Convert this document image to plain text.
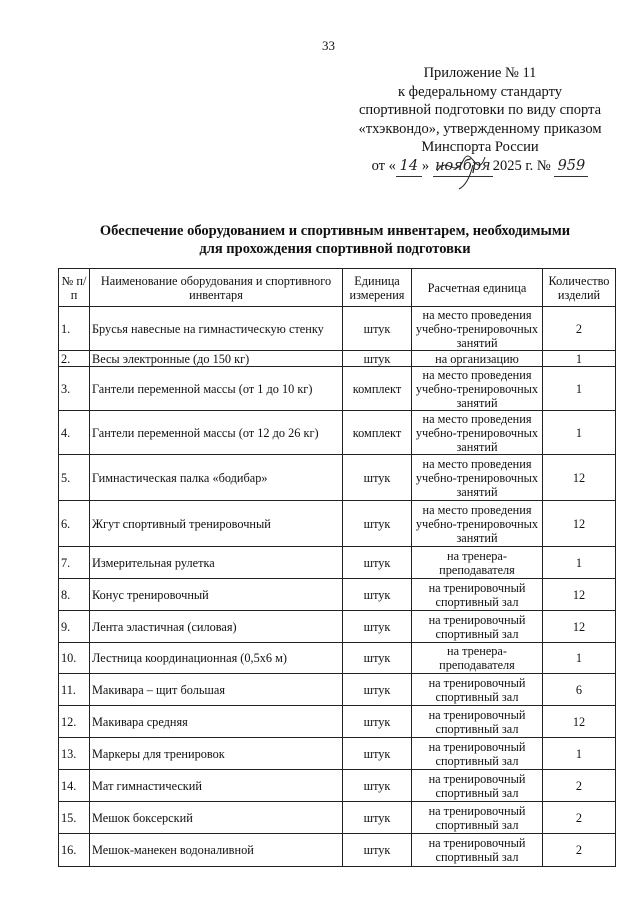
33
Приложение № 11
к федеральному стандарту
спортивной подготовки по виду спорта
«тхэквондо», утвержденному приказом
Минспорта России
от « 14 » ноября 2025 г. № 959
Обеспечение оборудованием и спортивным инвентарем, необходимыми
для прохождения спортивной подготовки
№ п/п	Наименование оборудования и спортивного инвентаря	Единица измерения	Расчетная единица	Количество изделий
1.	Брусья навесные на гимнастическую стенку	штук	на место проведения учебно-тренировочных занятий	2
2.	Весы электронные (до 150 кг)	штук	на организацию	1
3.	Гантели переменной массы (от 1 до 10 кг)	комплект	на место проведения учебно-тренировочных занятий	1
4.	Гантели переменной массы (от 12 до 26 кг)	комплект	на место проведения учебно-тренировочных занятий	1
5.	Гимнастическая палка «бодибар»	штук	на место проведения учебно-тренировочных занятий	12
6.	Жгут спортивный тренировочный	штук	на место проведения учебно-тренировочных занятий	12
7.	Измерительная рулетка	штук	на тренера-преподавателя	1
8.	Конус тренировочный	штук	на тренировочный спортивный зал	12
9.	Лента эластичная (силовая)	штук	на тренировочный спортивный зал	12
10.	Лестница координационная (0,5х6 м)	штук	на тренера-преподавателя	1
11.	Макивара – щит большая	штук	на тренировочный спортивный зал	6
12.	Макивара средняя	штук	на тренировочный спортивный зал	12
13.	Маркеры для тренировок	штук	на тренировочный спортивный зал	1
14.	Мат гимнастический	штук	на тренировочный спортивный зал	2
15.	Мешок боксерский	штук	на тренировочный спортивный зал	2
16.	Мешок-манекен водоналивной	штук	на тренировочный спортивный зал	2
